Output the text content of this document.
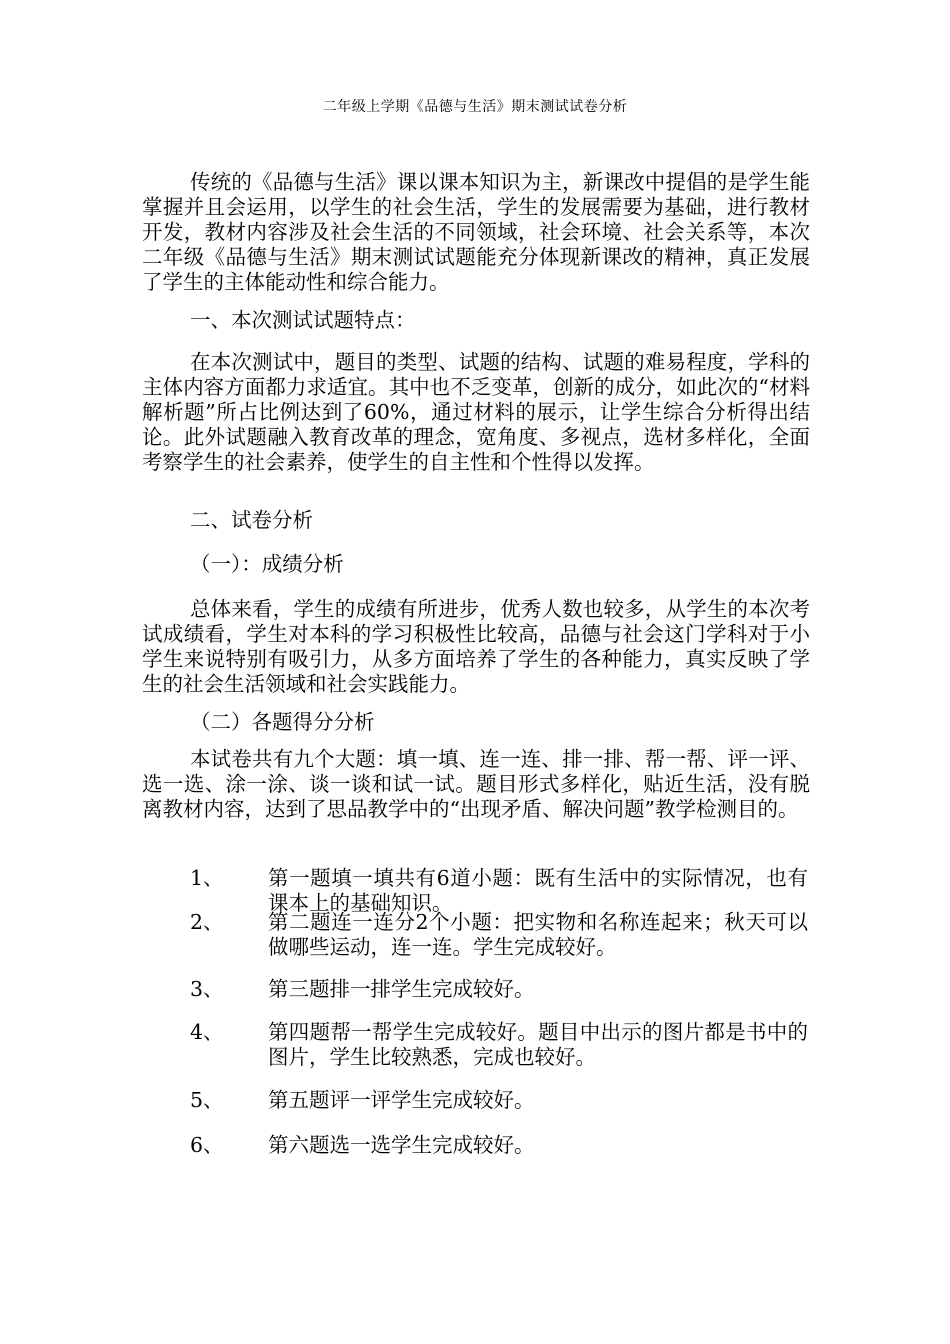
二年级上学期《品德与生活》期末测试试卷分析

传统的《品德与生活》课以课本知识为主，新课改中提倡的是学生能掌握并且会运用，以学生的社会生活，学生的发展需要为基础，进行教材开发，教材内容涉及社会生活的不同领域，社会环境、社会关系等，本次二年级《品德与生活》期末测试试题能充分体现新课改的精神，真正发展了学生的主体能动性和综合能力。

一、本次测试试题特点：

在本次测试中，题目的类型、试题的结构、试题的难易程度，学科的主体内容方面都力求适宜。其中也不乏变革，创新的成分，如此次的“材料解析题”所占比例达到了60%，通过材料的展示，让学生综合分析得出结论。此外试题融入教育改革的理念，宽角度、多视点，选材多样化，全面考察学生的社会素养，使学生的自主性和个性得以发挥。

二、试卷分析
（一）：成绩分析

总体来看，学生的成绩有所进步，优秀人数也较多，从学生的本次考试成绩看，学生对本科的学习积极性比较高，品德与社会这门学科对于小学生来说特别有吸引力，从多方面培养了学生的各种能力，真实反映了学生的社会生活领域和社会实践能力。

（二）各题得分分析

本试卷共有九个大题：填一填、连一连、排一排、帮一帮、评一评、选一选、涂一涂、谈一谈和试一试。题目形式多样化，贴近生活，没有脱离教材内容，达到了思品教学中的“出现矛盾、解决问题”教学检测目的。

1、	第一题填一填共有6道小题：既有生活中的实际情况，也有课本上的基础知识。
2、	第二题连一连分2个小题：把实物和名称连起来；秋天可以做哪些运动，连一连。学生完成较好。
3、	第三题排一排学生完成较好。
4、	第四题帮一帮学生完成较好。题目中出示的图片都是书中的图片，学生比较熟悉，完成也较好。
5、	第五题评一评学生完成较好。
6、	第六题选一选学生完成较好。
